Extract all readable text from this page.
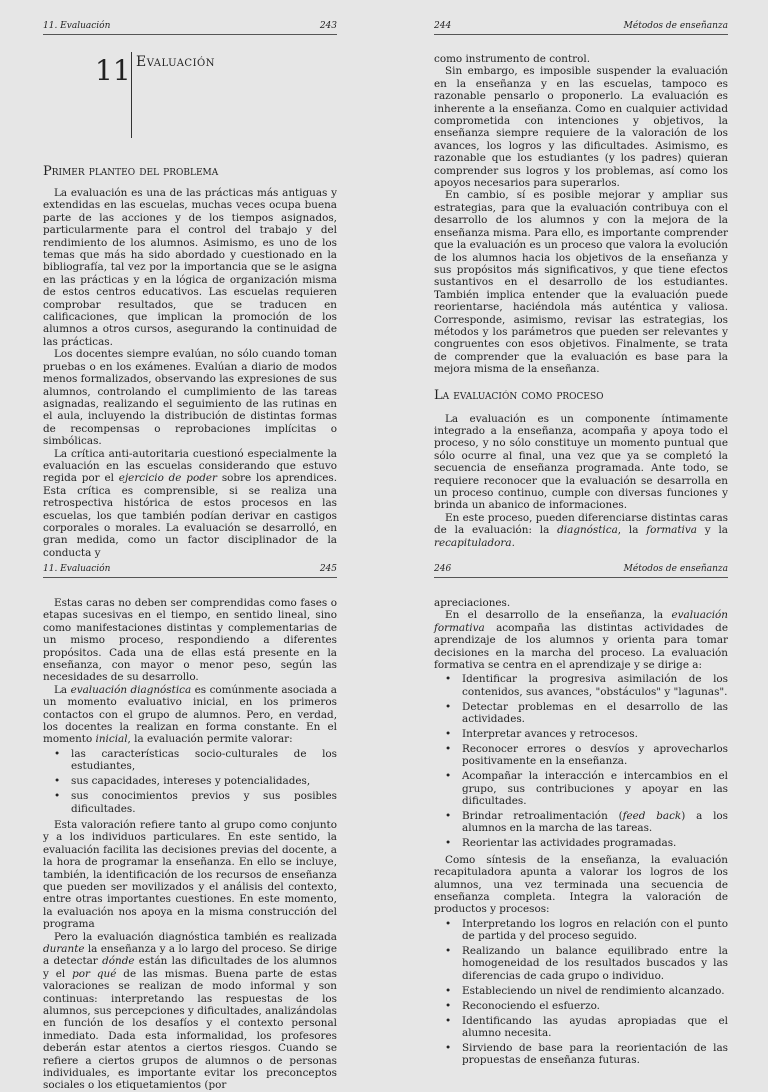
11. Evaluación	243
11 Evaluación
Primer planteo del problema

La evaluación es una de las prácticas más antiguas y extendidas en las escuelas, muchas veces ocupa buena parte de las acciones y de los tiempos asignados, particularmente para el control del trabajo y del rendimiento de los alumnos. Asimismo, es uno de los temas que más ha sido abordado y cuestionado en la bibliografía, tal vez por la importancia que se le asigna en las prácticas y en la lógica de organización misma de estos centros educativos. Las escuelas requieren comprobar resultados, que se traducen en calificaciones, que implican la promoción de los alumnos a otros cursos, asegurando la continuidad de las prácticas.

Los docentes siempre evalúan, no sólo cuando toman pruebas o en los exámenes. Evalúan a diario de modos menos formalizados, observando las expresiones de sus alumnos, controlando el cumplimiento de las tareas asignadas, realizando el seguimiento de las rutinas en el aula, incluyendo la distribución de distintas formas de recompensas o reprobaciones implícitas o simbólicas.

La crítica anti-autoritaria cuestionó especialmente la evaluación en las escuelas considerando que estuvo regida por el ejercicio de poder sobre los aprendices. Esta crítica es comprensible, si se realiza una retrospectiva histórica de estos procesos en las escuelas, los que también podían derivar en castigos corporales o morales. La evaluación se desarrolló, en gran medida, como un factor disciplinador de la conducta y

244	Métodos de enseñanza

como instrumento de control.

Sin embargo, es imposible suspender la evaluación en la enseñanza y en las escuelas, tampoco es razonable pensarlo o proponerlo. La evaluación es inherente a la enseñanza. Como en cualquier actividad comprometida con intenciones y objetivos, la enseñanza siempre requiere de la valoración de los avances, los logros y las dificultades. Asimismo, es razonable que los estudiantes (y los padres) quieran comprender sus logros y los problemas, así como los apoyos necesarios para superarlos.

En cambio, sí es posible mejorar y ampliar sus estrategias, para que la evaluación contribuya con el desarrollo de los alumnos y con la mejora de la enseñanza misma. Para ello, es importante comprender que la evaluación es un proceso que valora la evolución de los alumnos hacia los objetivos de la enseñanza y sus propósitos más significativos, y que tiene efectos sustantivos en el desarrollo de los estudiantes. También implica entender que la evaluación puede reorientarse, haciéndola más auténtica y valiosa. Corresponde, asimismo, revisar las estrategias, los métodos y los parámetros que pueden ser relevantes y congruentes con esos objetivos. Finalmente, se trata de comprender que la evaluación es base para la mejora misma de la enseñanza.

La evaluación como proceso

La evaluación es un componente íntimamente integrado a la enseñanza, acompaña y apoya todo el proceso, y no sólo constituye un momento puntual que sólo ocurre al final, una vez que ya se completó la secuencia de enseñanza programada. Ante todo, se requiere reconocer que la evaluación se desarrolla en un proceso continuo, cumple con diversas funciones y brinda un abanico de informaciones.

En este proceso, pueden diferenciarse distintas caras de la evaluación: la diagnóstica, la formativa y la recapituladora.

11. Evaluación	245

Estas caras no deben ser comprendidas como fases o etapas sucesivas en el tiempo, en sentido lineal, sino como manifestaciones distintas y complementarias de un mismo proceso, respondiendo a diferentes propósitos. Cada una de ellas está presente en la enseñanza, con mayor o menor peso, según las necesidades de su desarrollo.

La evaluación diagnóstica es comúnmente asociada a un momento evaluativo inicial, en los primeros contactos con el grupo de alumnos. Pero, en verdad, los docentes la realizan en forma constante. En el momento inicial, la evaluación permite valorar:

• las características socio-culturales de los estudiantes,
• sus capacidades, intereses y potencialidades,
• sus conocimientos previos y sus posibles dificultades.

Esta valoración refiere tanto al grupo como conjunto y a los individuos particulares. En este sentido, la evaluación facilita las decisiones previas del docente, a la hora de programar la enseñanza. En ello se incluye, también, la identificación de los recursos de enseñanza que pueden ser movilizados y el análisis del contexto, entre otras importantes cuestiones. En este momento, la evaluación nos apoya en la misma construcción del programa

Pero la evaluación diagnóstica también es realizada durante la enseñanza y a lo largo del proceso. Se dirige a detectar dónde están las dificultades de los alumnos y el por qué de las mismas. Buena parte de estas valoraciones se realizan de modo informal y son continuas: interpretando las respuestas de los alumnos, sus percepciones y dificultades, analizándolas en función de los desafíos y el contexto personal inmediato. Dada esta informalidad, los profesores deberán estar atentos a ciertos riesgos. Cuando se refiere a ciertos grupos de alumnos o de personas individuales, es importante evitar los preconceptos sociales o los etiquetamientos (por

246	Métodos de enseñanza

apreciaciones.

En el desarrollo de la enseñanza, la evaluación formativa acompaña las distintas actividades de aprendizaje de los alumnos y orienta para tomar decisiones en la marcha del proceso. La evaluación formativa se centra en el aprendizaje y se dirige a:

• Identificar la progresiva asimilación de los contenidos, sus avances, "obstáculos" y "lagunas".
• Detectar problemas en el desarrollo de las actividades.
• Interpretar avances y retrocesos.
• Reconocer errores o desvíos y aprovecharlos positivamente en la enseñanza.
• Acompañar la interacción e intercambios en el grupo, sus contribuciones y apoyar en las dificultades.
• Brindar retroalimentación (feed back) a los alumnos en la marcha de las tareas.
• Reorientar las actividades programadas.

Como síntesis de la enseñanza, la evaluación recapituladora apunta a valorar los logros de los alumnos, una vez terminada una secuencia de enseñanza completa. Integra la valoración de productos y procesos:

• Interpretando los logros en relación con el punto de partida y del proceso seguido.
• Realizando un balance equilibrado entre la homogeneidad de los resultados buscados y las diferencias de cada grupo o individuo.
• Estableciendo un nivel de rendimiento alcanzado.
• Reconociendo el esfuerzo.
• Identificando las ayudas apropiadas que el alumno necesita.
• Sirviendo de base para la reorientación de las propuestas de enseñanza futuras.
